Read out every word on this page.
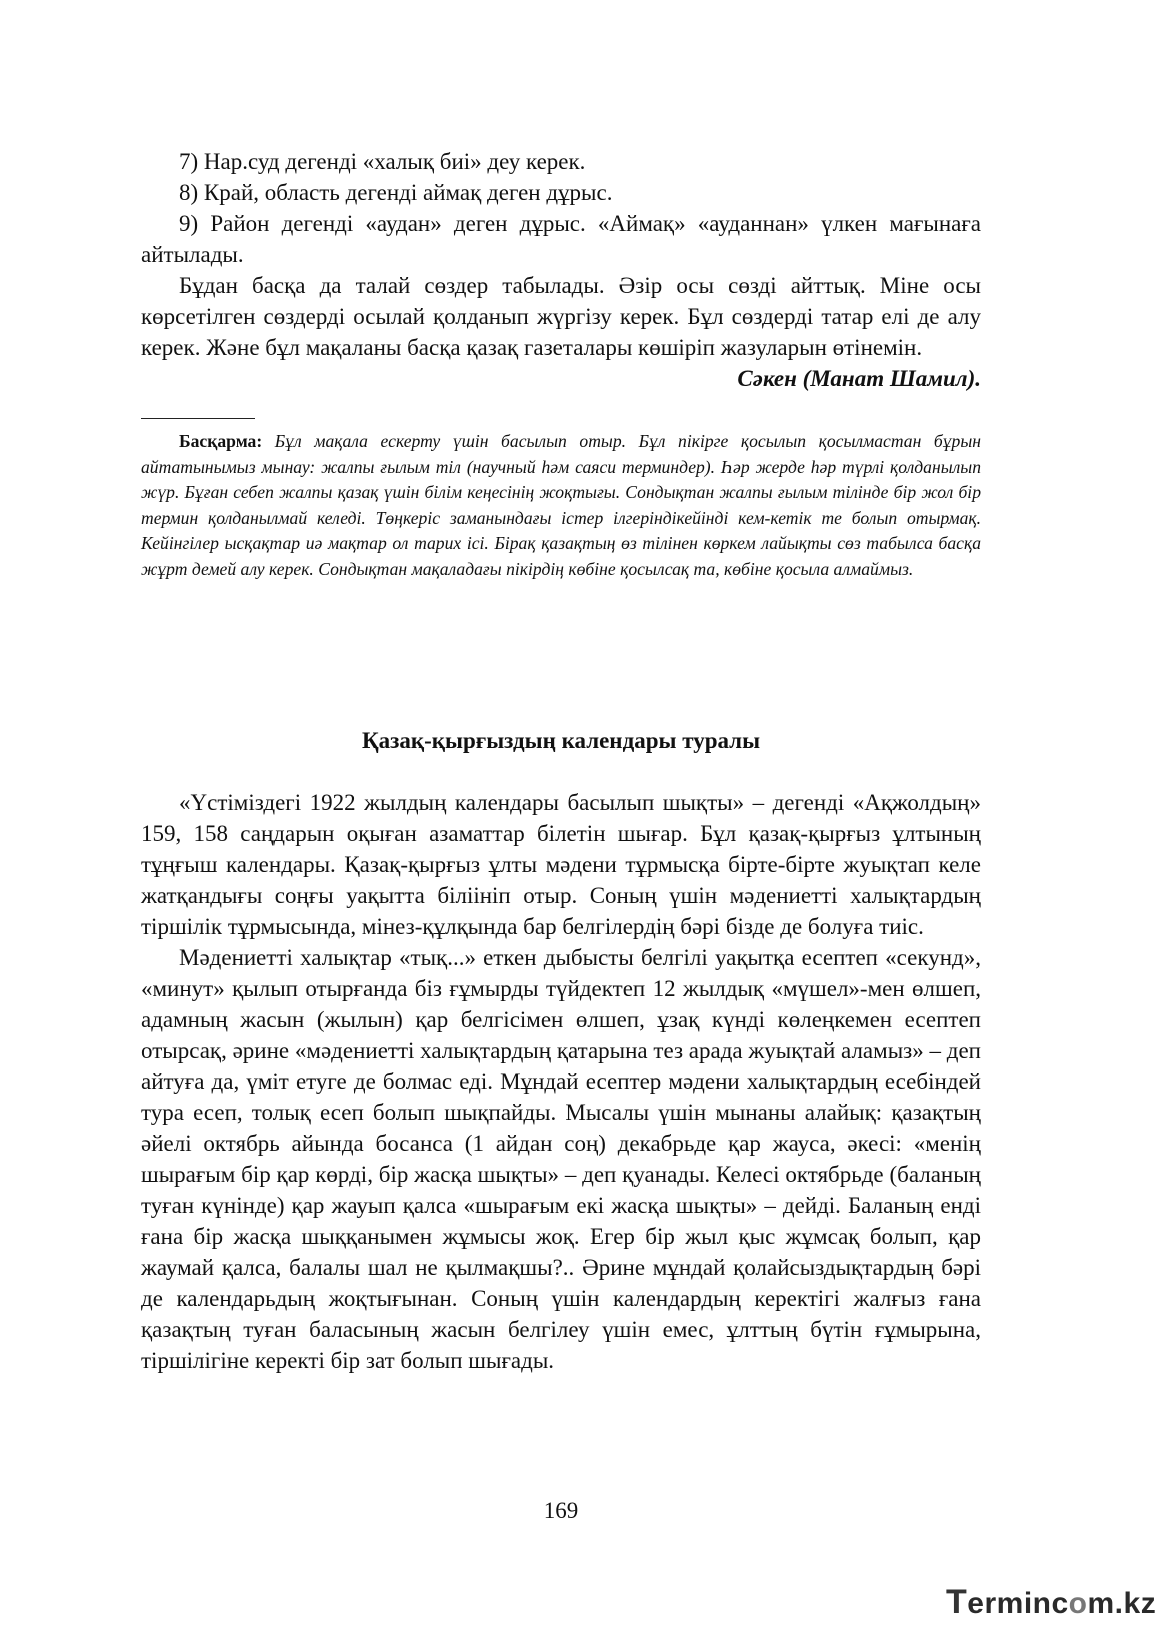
7) Нар.суд дегенді «халық биі» деу керек.

8) Край, область дегенді аймақ деген дұрыс.

9) Район дегенді «аудан» деген дұрыс. «Аймақ» «ауданнан» үлкен мағынаға айтылады.

Бұдан басқа да талай сөздер табылады. Әзір осы сөзді айттық. Міне осы көрсетілген сөздерді осылай қолданып жүргізу керек. Бұл сөздерді татар елі де алу керек. Және бұл мақаланы басқа қазақ газеталары көшіріп жазуларын өтінемін.

Сәкен (Манат Шамил).

Басқарма: Бұл мақала ескерту үшін басылып отыр. Бұл пікірге қосылып қосылмастан бұрын айтатынымыз мынау: жалпы ғылым тіл (научный һәм саяси терминдер). Һәр жерде һәр түрлі қолданылып жүр. Бұған себеп жалпы қазақ үшін білім кеңесінің жоқтығы. Сондықтан жалпы ғылым тілінде бір жол бір термин қолданылмай келеді. Төңкеріс заманындағы істер ілгеріндікейінді кем-кетік те болып отырмақ. Кейінгілер ысқақтар иә мақтар ол тарих ісі. Бірақ қазақтың өз тілінен көркем лайықты сөз табылса басқа жұрт демей алу керек. Сондықтан мақаладағы пікірдің көбіне қосылсақ та, көбіне қосыла алмаймыз.

Қазақ-қырғыздың календары туралы

«Үстіміздегі 1922 жылдың календары басылып шықты» – дегенді «Ақжолдың» 159, 158 саңдарын оқыған азаматтар білетін шығар. Бұл қазақ-қырғыз ұлтының тұңғыш календары. Қазақ-қырғыз ұлты мәдени тұрмысқа бірте-бірте жуықтап келе жатқандығы соңғы уақытта біліініп отыр. Соның үшін мәдениетті халықтардың тіршілік тұрмысында, мінез-құлқында бар белгілердің бәрі бізде де болуға тиіс.

Мәдениетті халықтар «тық...» еткен дыбысты белгілі уақытқа есептеп «секунд», «минут» қылып отырғанда біз ғұмырды түйдектеп 12 жылдық «мүшел»-мен өлшеп, адамның жасын (жылын) қар белгісімен өлшеп, ұзақ күнді көлеңкемен есептеп отырсақ, әрине «мәдениетті халықтардың қатарына тез арада жуықтай аламыз» – деп айтуға да, үміт етуге де болмас еді. Мұндай есептер мәдени халықтардың есебіндей тура есеп, толық есеп болып шықпайды. Мысалы үшін мынаны алайық: қазақтың әйелі октябрь айында босанса (1 айдан соң) декабрьде қар жауса, әкесі: «менің шырағым бір қар көрді, бір жасқа шықты» – деп қуанады. Келесі октябрьде (баланың туған күнінде) қар жауып қалса «шырағым екі жасқа шықты» – дейді. Баланың енді ғана бір жасқа шыққанымен жұмысы жоқ. Егер бір жыл қыс жұмсақ болып, қар жаумай қалса, балалы шал не қылмақшы?.. Әрине мұндай қолайсыздықтардың бәрі де календарьдың жоқтығынан. Соның үшін календардың керектігі жалғыз ғана қазақтың туған баласының жасын белгілеу үшін емес, ұлттың бүтін ғұмырына, тіршілігіне керекті бір зат болып шығады.

169
Termincom.kz
